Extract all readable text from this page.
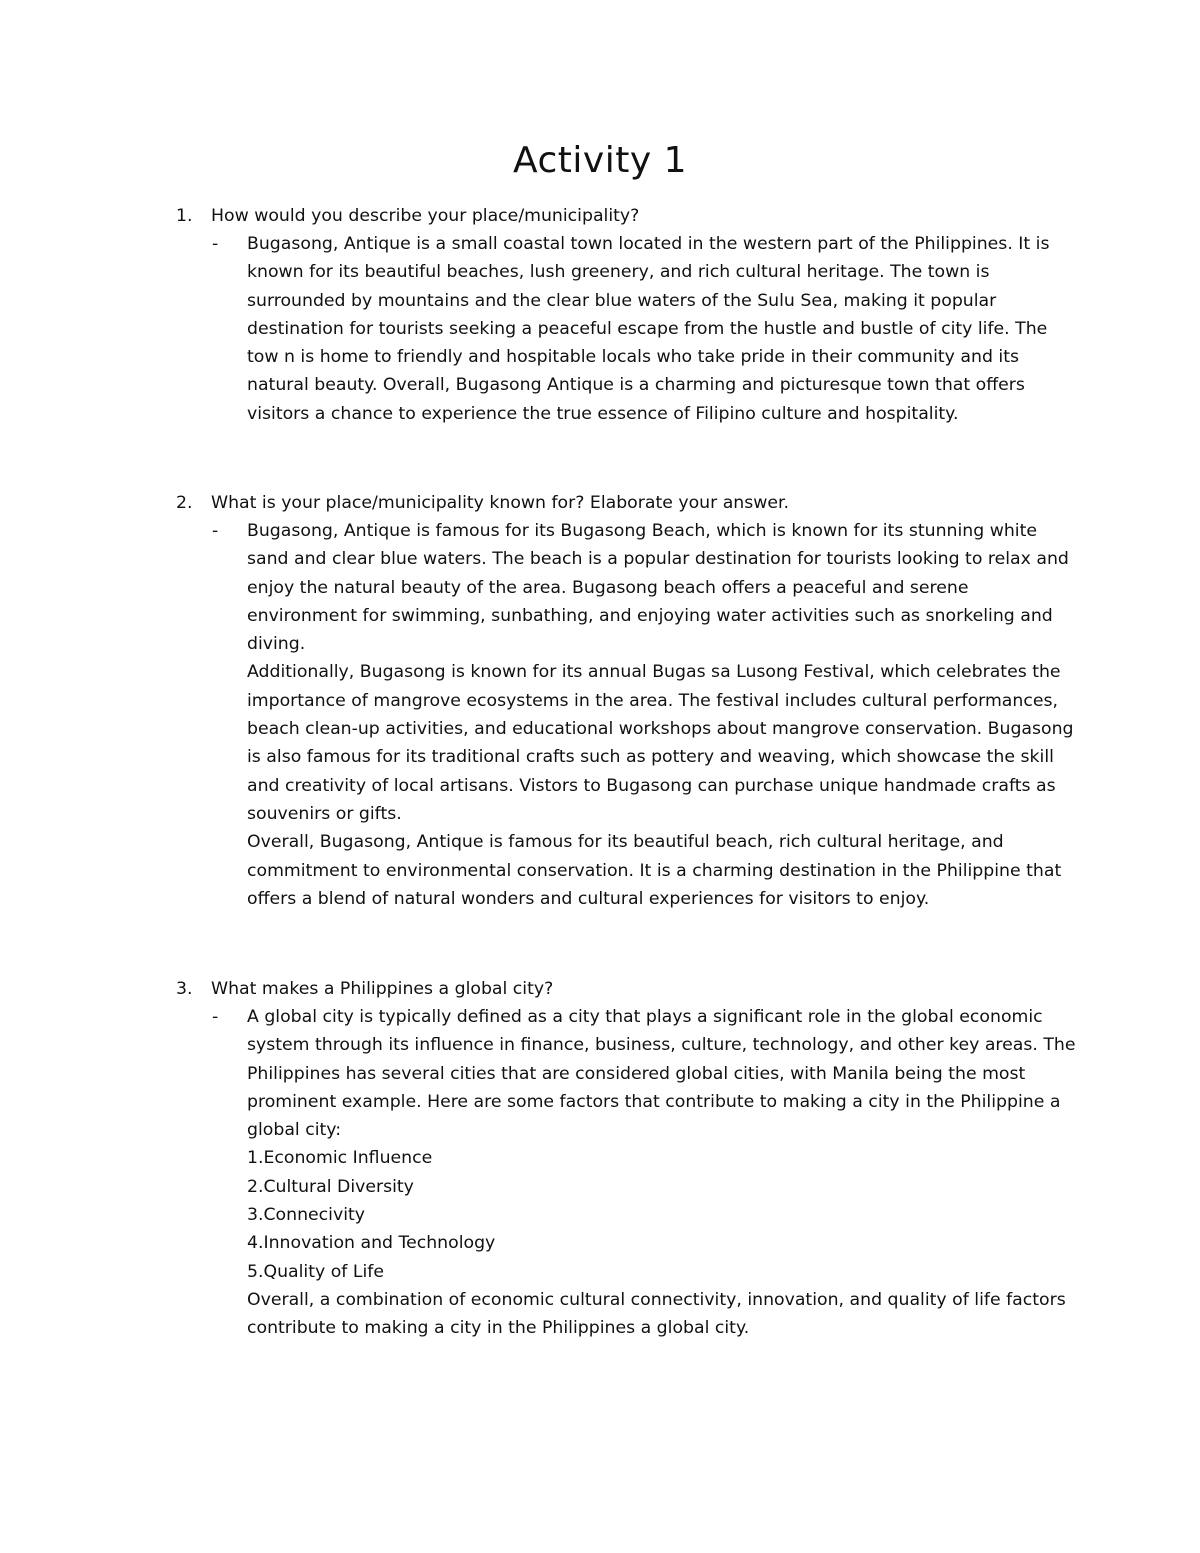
Activity 1
1. How would you describe your place/municipality?
- Bugasong, Antique is a small coastal town located in the western part of the Philippines. It is known for its beautiful beaches, lush greenery, and rich cultural heritage. The town is surrounded by mountains and the clear blue waters of the Sulu Sea, making it popular destination for tourists seeking a peaceful escape from the hustle and bustle of city life. The tow n is home to friendly and hospitable locals who take pride in their community and its natural beauty. Overall, Bugasong Antique is a charming and picturesque town that offers visitors a chance to experience the true essence of Filipino culture and hospitality.

2. What is your place/municipality known for? Elaborate your answer.
- Bugasong, Antique is famous for its Bugasong Beach, which is known for its stunning white sand and clear blue waters. The beach is a popular destination for tourists looking to relax and enjoy the natural beauty of the area. Bugasong beach offers a peaceful and serene environment for swimming, sunbathing, and enjoying water activities such as snorkeling and diving.

Additionally, Bugasong is known for its annual Bugas sa Lusong Festival, which celebrates the importance of mangrove ecosystems in the area. The festival includes cultural performances, beach clean-up activities, and educational workshops about mangrove conservation. Bugasong is also famous for its traditional crafts such as pottery and weaving, which showcase the skill and creativity of local artisans. Vistors to Bugasong can purchase unique handmade crafts as souvenirs or gifts.

Overall, Bugasong, Antique is famous for its beautiful beach, rich cultural heritage, and commitment to environmental conservation. It is a charming destination in the Philippine that offers a blend of natural wonders and cultural experiences for visitors to enjoy.

3. What makes a Philippines a global city?
- A global city is typically defined as a city that plays a significant role in the global economic system through its influence in finance, business, culture, technology, and other key areas. The Philippines has several cities that are considered global cities, with Manila being the most prominent example. Here are some factors that contribute to making a city in the Philippine a global city:

1.Economic Influence
2.Cultural Diversity
3.Connecivity
4.Innovation and Technology
5.Quality of Life

Overall, a combination of economic cultural connectivity, innovation, and quality of life factors contribute to making a city in the Philippines a global city.
